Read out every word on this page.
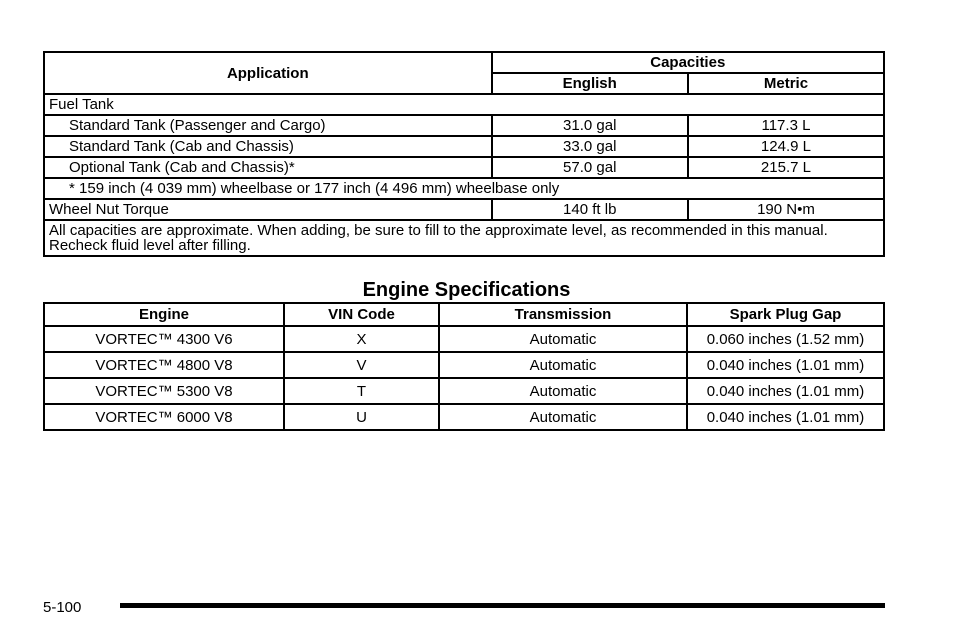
Application	Capacities	
	English	Metric
Fuel Tank		
Standard Tank (Passenger and Cargo)	31.0 gal	117.3 L
Standard Tank (Cab and Chassis)	33.0 gal	124.9 L
Optional Tank (Cab and Chassis)*	57.0 gal	215.7 L
* 159 inch (4 039 mm) wheelbase or 177 inch (4 496 mm) wheelbase only		
Wheel Nut Torque	140 ft lb	190 N•m
All capacities are approximate. When adding, be sure to fill to the approximate level, as recommended in this manual. Recheck fluid level after filling.		
Engine Specifications
Engine	VIN Code	Transmission	Spark Plug Gap
VORTEC™ 4300 V6	X	Automatic	0.060 inches (1.52 mm)
VORTEC™ 4800 V8	V	Automatic	0.040 inches (1.01 mm)
VORTEC™ 5300 V8	T	Automatic	0.040 inches (1.01 mm)
VORTEC™ 6000 V8	U	Automatic	0.040 inches (1.01 mm)
5-100
